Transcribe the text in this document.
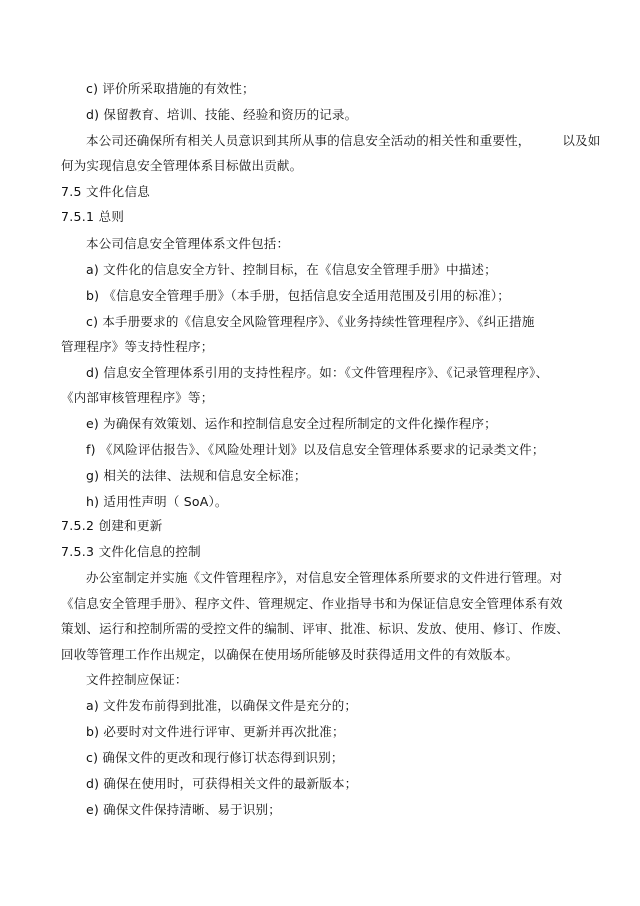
c) 评价所采取措施的有效性；
d) 保留教育、培训、技能、经验和资历的记录。
本公司还确保所有相关人员意识到其所从事的信息安全活动的相关性和重要性，　　　以及如
何为实现信息安全管理体系目标做出贡献。
7.5 文件化信息
7.5.1 总则
本公司信息安全管理体系文件包括：
a) 文件化的信息安全方针、控制目标，在《信息安全管理手册》中描述；
b) 《信息安全管理手册》（本手册，包括信息安全适用范围及引用的标准）；
c) 本手册要求的《信息安全风险管理程序》、《业务持续性管理程序》、《纠正措施
管理程序》等支持性程序；
d) 信息安全管理体系引用的支持性程序。如：《文件管理程序》、《记录管理程序》、
《内部审核管理程序》等；
e) 为确保有效策划、运作和控制信息安全过程所制定的文件化操作程序；
f) 《风险评估报告》、《风险处理计划》以及信息安全管理体系要求的记录类文件；
g) 相关的法律、法规和信息安全标准；
h) 适用性声明（ SoA）。
7.5.2 创建和更新
7.5.3 文件化信息的控制
办公室制定并实施《文件管理程序》，对信息安全管理体系所要求的文件进行管理。对
《信息安全管理手册》、程序文件、管理规定、作业指导书和为保证信息安全管理体系有效
策划、运行和控制所需的受控文件的编制、评审、批准、标识、发放、使用、修订、作废、
回收等管理工作作出规定，以确保在使用场所能够及时获得适用文件的有效版本。
文件控制应保证：
a) 文件发布前得到批准，以确保文件是充分的；
b) 必要时对文件进行评审、更新并再次批准；
c) 确保文件的更改和现行修订状态得到识别；
d) 确保在使用时，可获得相关文件的最新版本；
e) 确保文件保持清晰、易于识别；
